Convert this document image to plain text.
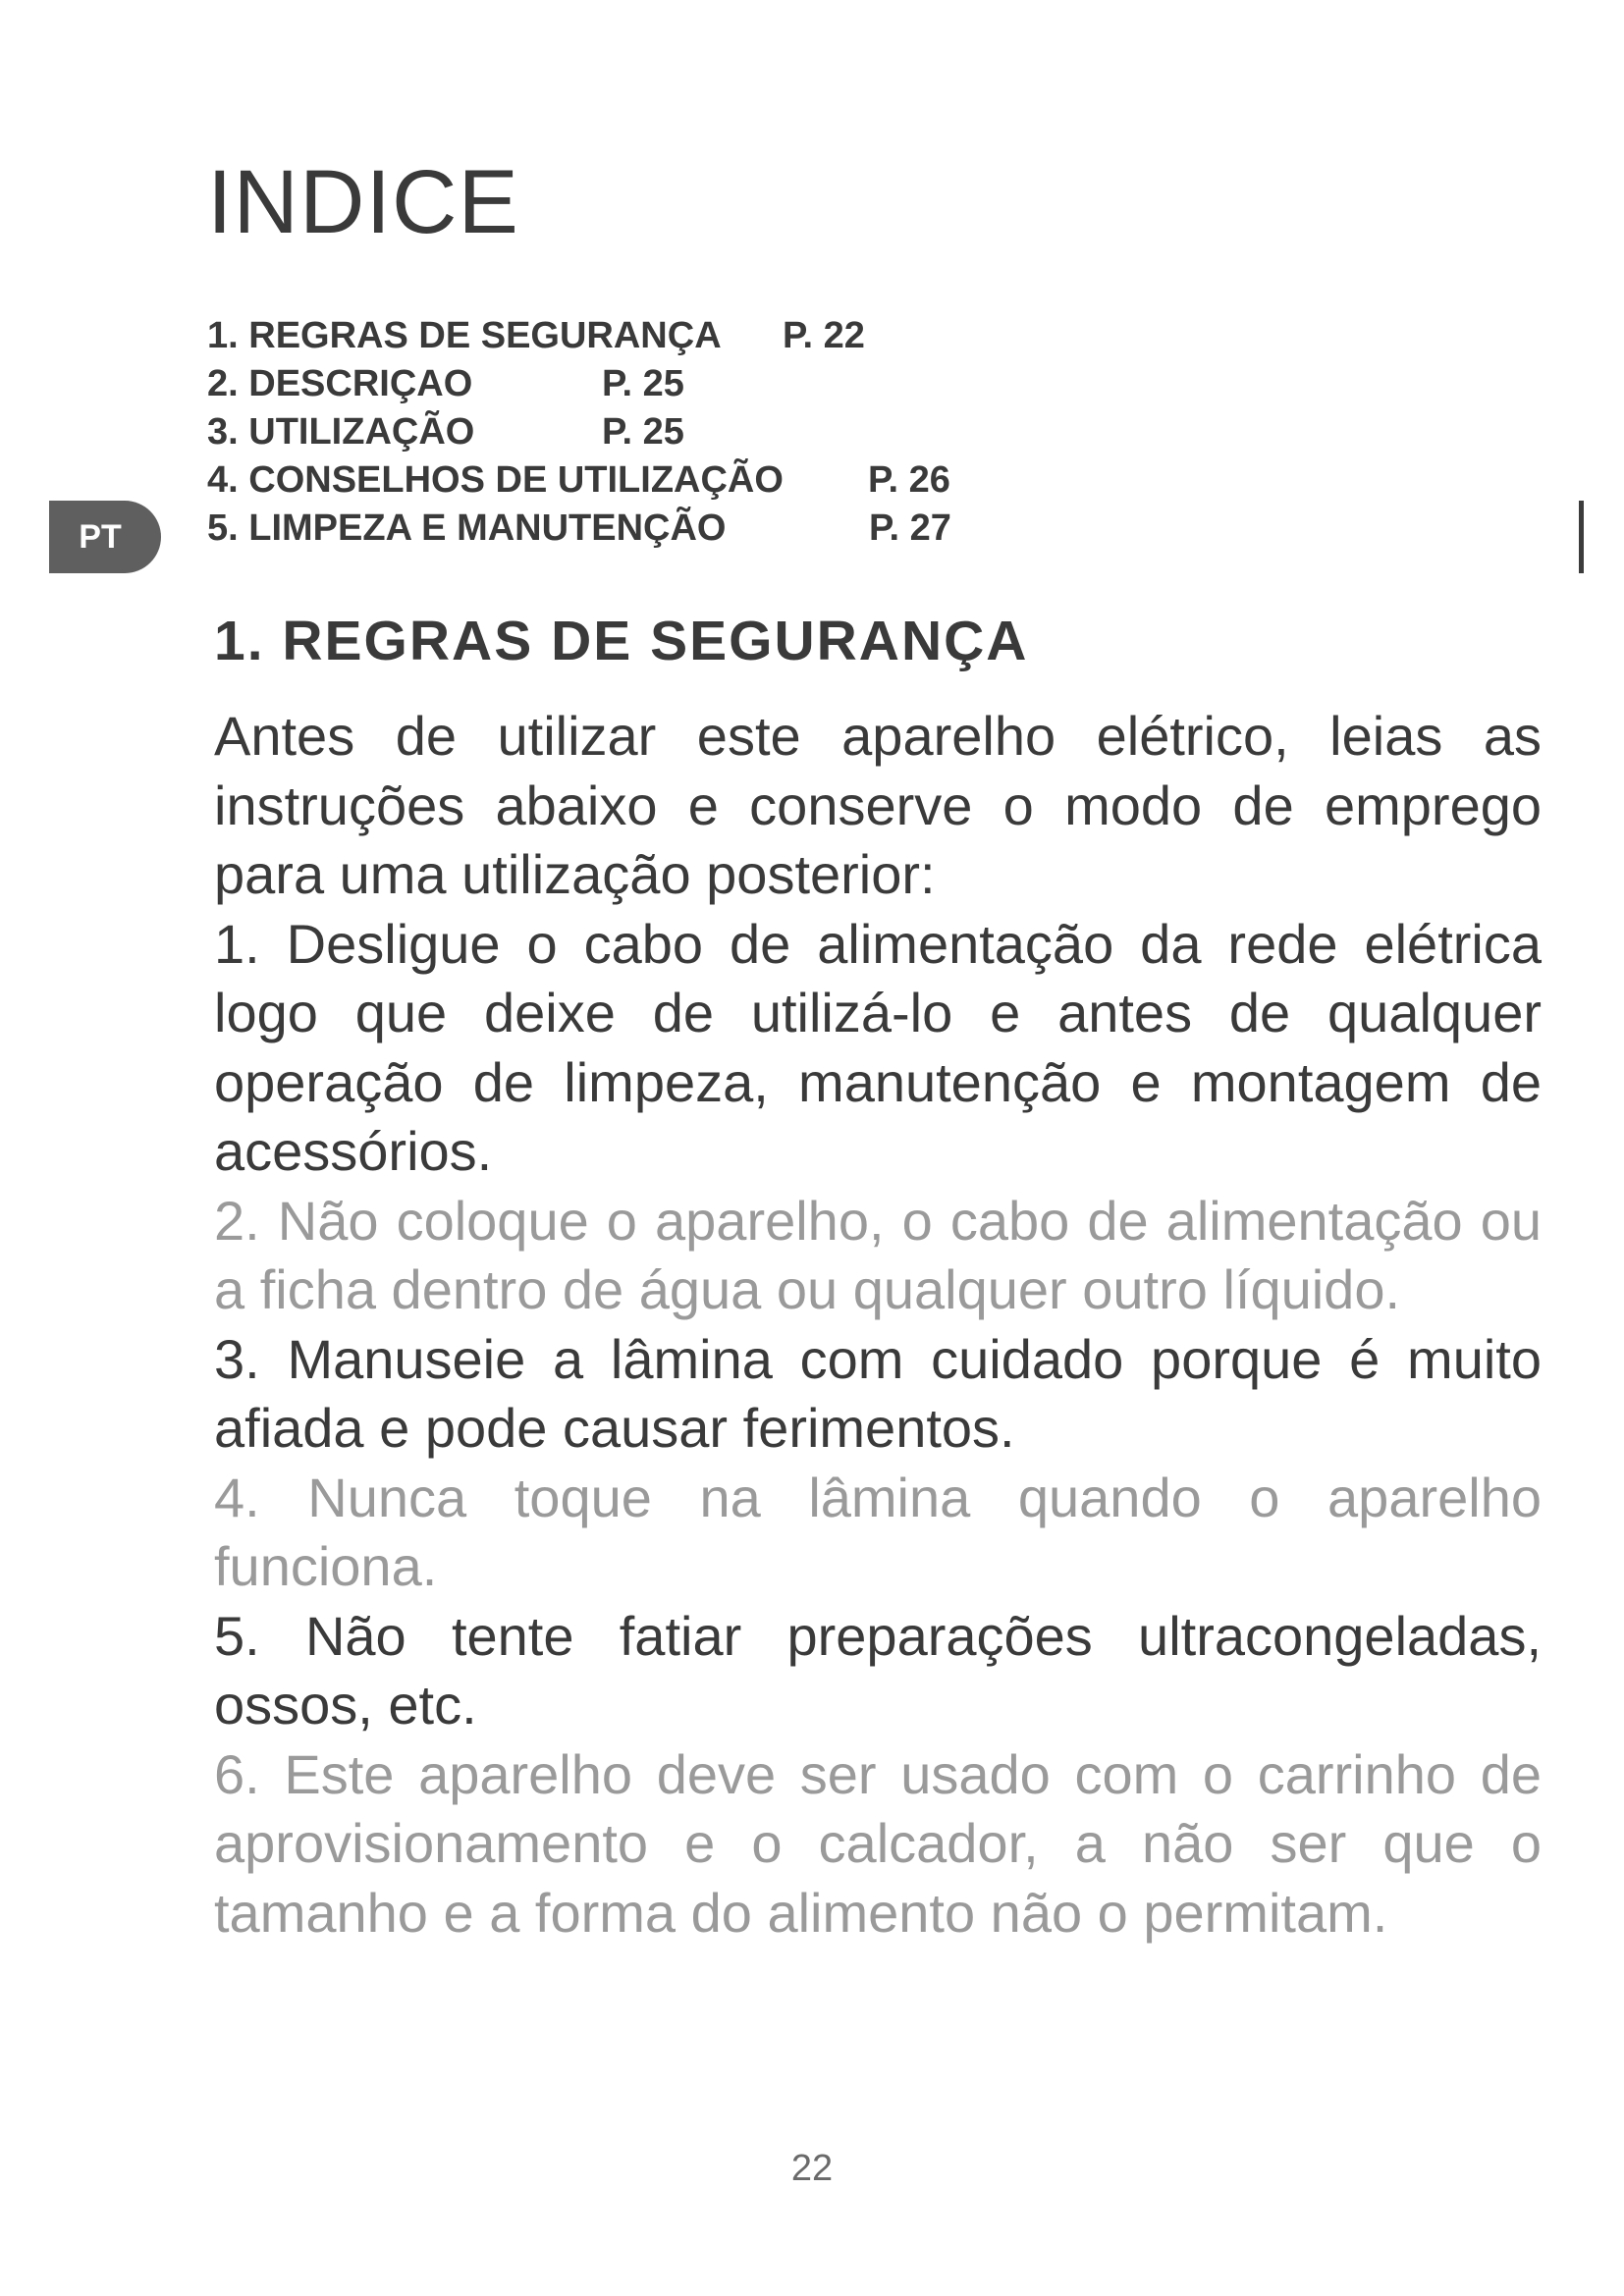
PT
INDICE
1. REGRAS DE SEGURANÇA P. 22
2. DESCRIÇAO	P. 25
3. UTILIZAÇÃO	P. 25
4. CONSELHOS DE UTILIZAÇÃO P. 26
5. LIMPEZA E MANUTENÇÃO	P. 27
1. REGRAS DE SEGURANÇA

Antes de utilizar este aparelho elétrico, leias as instruções abaixo e conserve o modo de emprego para uma utilização posterior:

1. Desligue o cabo de alimentação da rede elétrica logo que deixe de utilizá-lo e antes de qualquer operação de limpeza, manutenção e montagem de acessórios.

2. Não coloque o aparelho, o cabo de alimentação ou a ficha dentro de água ou qualquer outro líquido.

3. Manuseie a lâmina com cuidado porque é muito afiada e pode causar ferimentos.

4. Nunca toque na lâmina quando o aparelho funciona.

5. Não tente fatiar preparações ultracongeladas, ossos, etc.

6. Este aparelho deve ser usado com o carrinho de aprovisionamento e o calcador, a não ser que o tamanho e a forma do alimento não o permitam.

22
